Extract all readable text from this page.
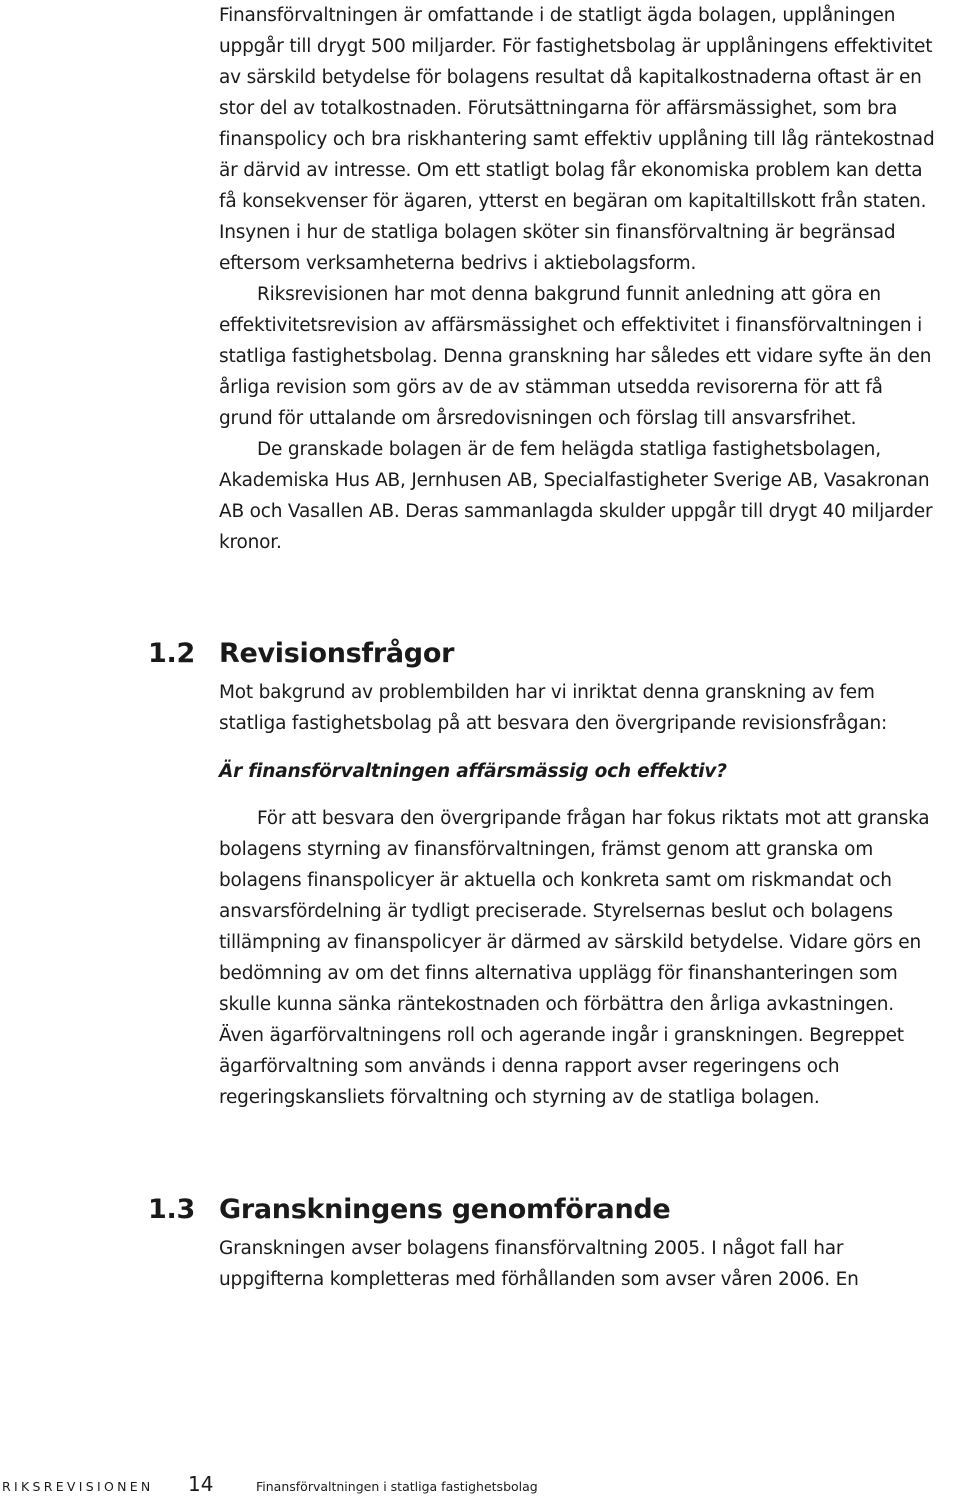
Finansförvaltningen är omfattande i de statligt ägda bolagen, upplåningen uppgår till drygt 500 miljarder. För fastighetsbolag är upplåningens effektivitet av särskild betydelse för bolagens resultat då kapitalkostnaderna oftast är en stor del av totalkostnaden. Förutsättningarna för affärsmässighet, som bra finanspolicy och bra riskhantering samt effektiv upplåning till låg räntekostnad är därvid av intresse. Om ett statligt bolag får ekonomiska problem kan detta få konsekvenser för ägaren, ytterst en begäran om kapitaltillskott från staten. Insynen i hur de statliga bolagen sköter sin finansförvaltning är begränsad eftersom verksamheterna bedrivs i aktiebolagsform.

Riksrevisionen har mot denna bakgrund funnit anledning att göra en effektivitetsrevision av affärsmässighet och effektivitet i finansförvaltningen i statliga fastighetsbolag. Denna granskning har således ett vidare syfte än den årliga revision som görs av de av stämman utsedda revisorerna för att få grund för uttalande om årsredovisningen och förslag till ansvarsfrihet.

De granskade bolagen är de fem helägda statliga fastighetsbolagen, Akademiska Hus AB, Jernhusen AB, Specialfastigheter Sverige AB, Vasakronan AB och Vasallen AB. Deras sammanlagda skulder uppgår till drygt 40 miljarder kronor.

1.2 Revisionsfrågor

Mot bakgrund av problembilden har vi inriktat denna granskning av fem statliga fastighetsbolag på att besvara den övergripande revisionsfrågan:

Är finansförvaltningen affärsmässig och effektiv?

För att besvara den övergripande frågan har fokus riktats mot att granska bolagens styrning av finansförvaltningen, främst genom att granska om bolagens finanspolicyer är aktuella och konkreta samt om riskmandat och ansvarsfördelning är tydligt preciserade. Styrelsernas beslut och bolagens tillämpning av finanspolicyer är därmed av särskild betydelse. Vidare görs en bedömning av om det finns alternativa upplägg för finanshanteringen som skulle kunna sänka räntekostnaden och förbättra den årliga avkastningen. Även ägarförvaltningens roll och agerande ingår i granskningen. Begreppet ägarförvaltning som används i denna rapport avser regeringens och regeringskansliets förvaltning och styrning av de statliga bolagen.

1.3 Granskningens genomförande

Granskningen avser bolagens finansförvaltning 2005. I något fall har uppgifterna kompletteras med förhållanden som avser våren 2006. En

RIKSREVISIONEN	14	Finansförvaltningen i statliga fastighetsbolag
